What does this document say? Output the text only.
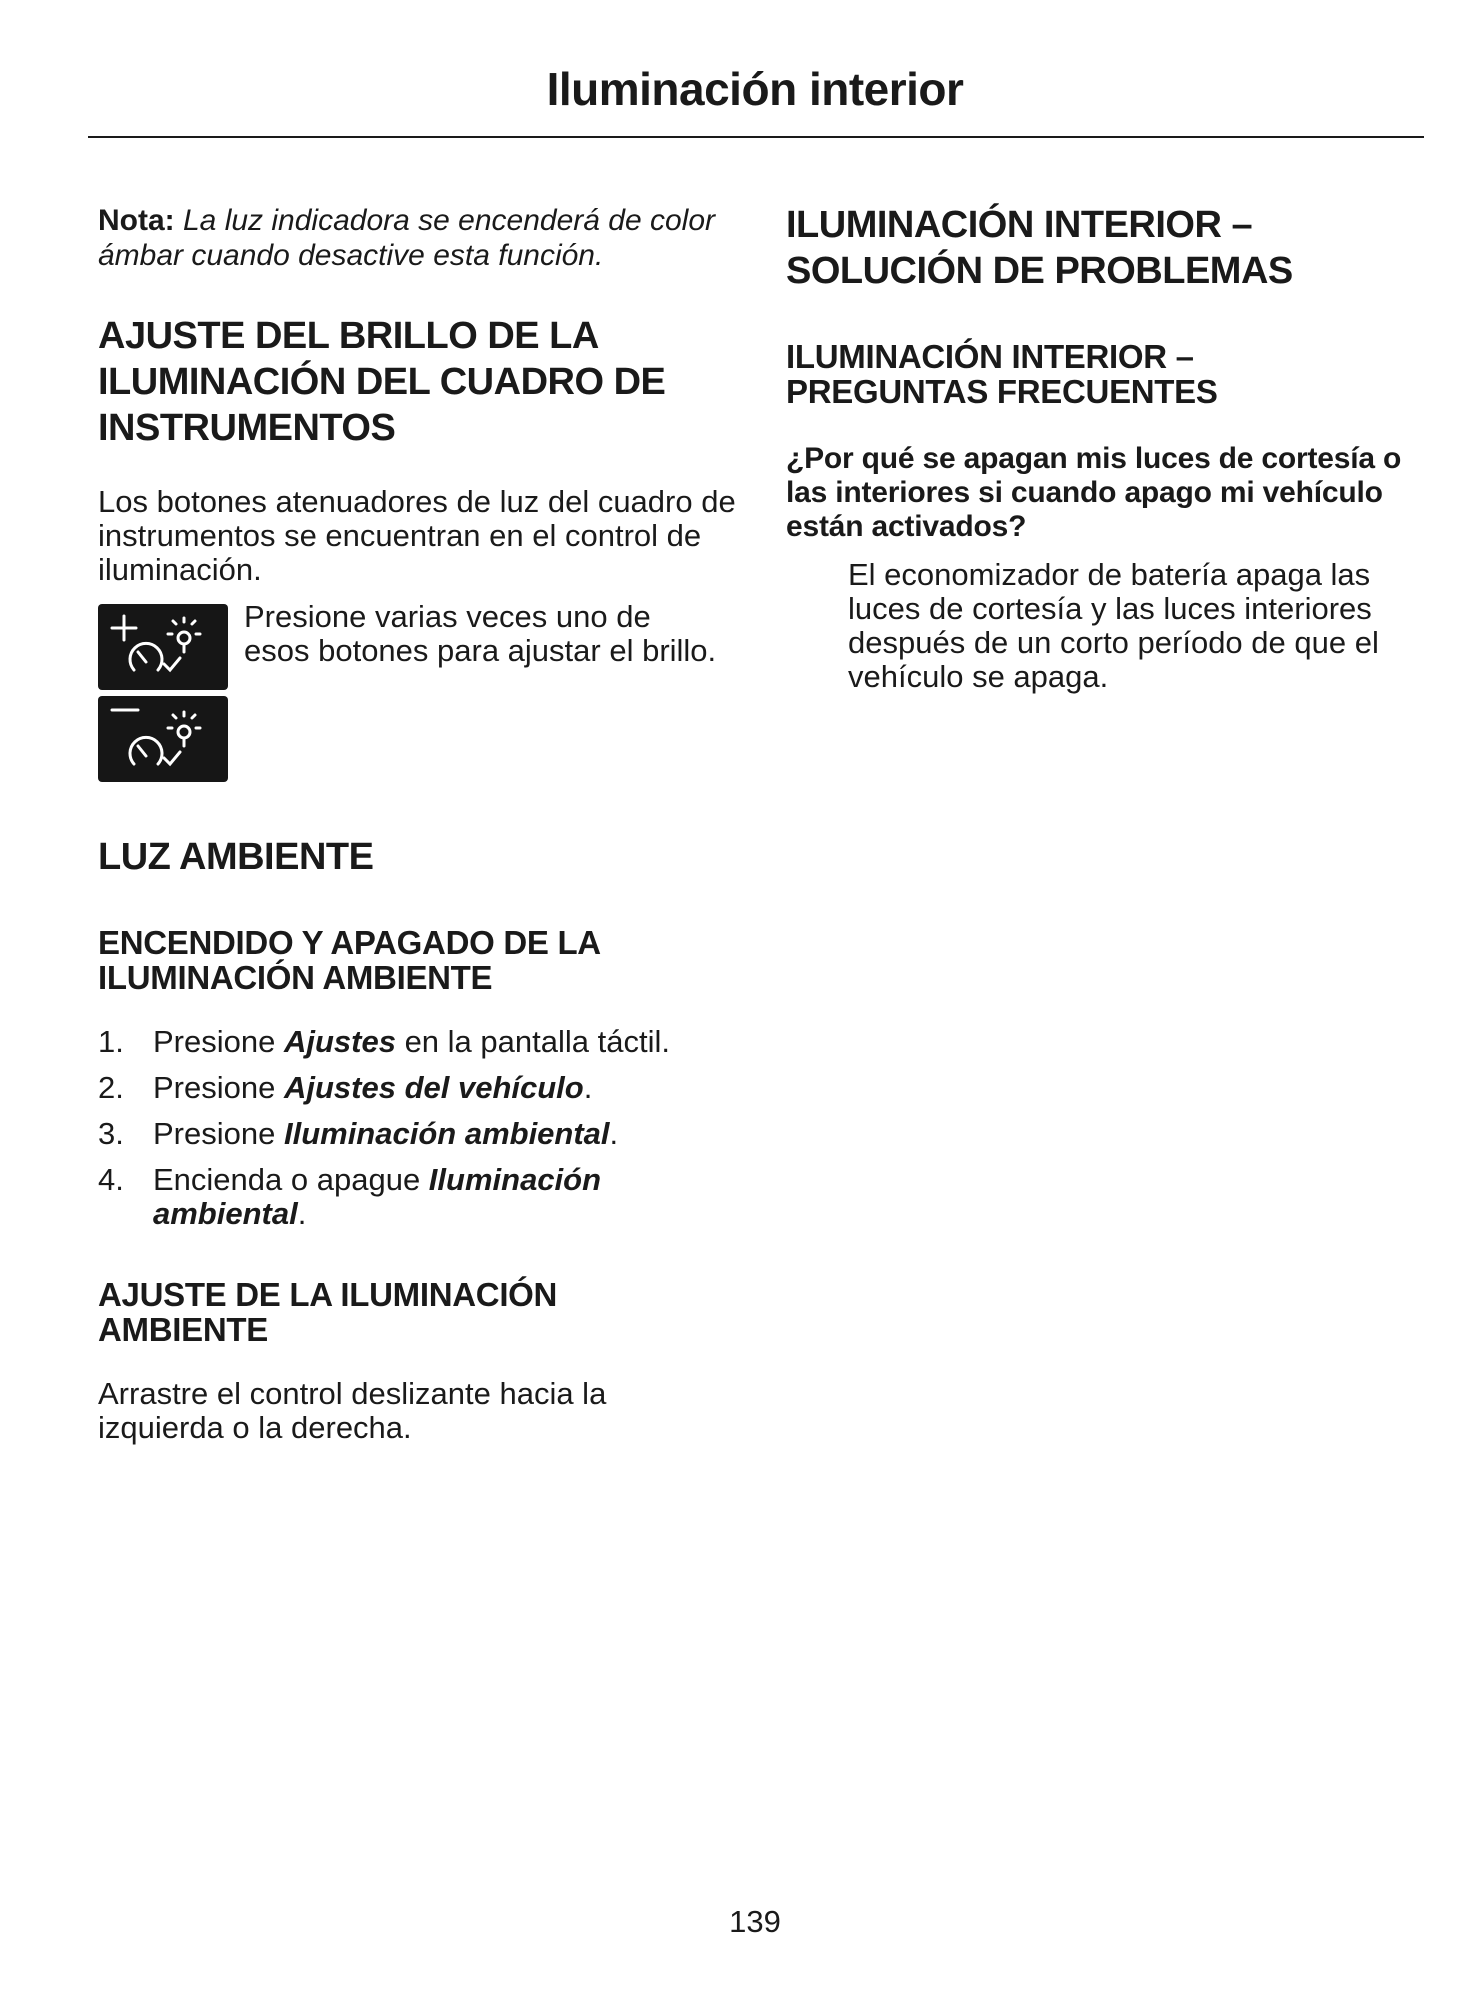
Iluminación interior

Nota: La luz indicadora se encenderá de color ámbar cuando desactive esta función.

AJUSTE DEL BRILLO DE LA ILUMINACIÓN DEL CUADRO DE INSTRUMENTOS

Los botones atenuadores de luz del cuadro de instrumentos se encuentran en el control de iluminación.

Presione varias veces uno de esos botones para ajustar el brillo.

LUZ AMBIENTE
ENCENDIDO Y APAGADO DE LA ILUMINACIÓN AMBIENTE
1. Presione Ajustes en la pantalla táctil.
2. Presione Ajustes del vehículo.
3. Presione Iluminación ambiental.
4. Encienda o apague Iluminación ambiental.
AJUSTE DE LA ILUMINACIÓN AMBIENTE

Arrastre el control deslizante hacia la izquierda o la derecha.

ILUMINACIÓN INTERIOR – SOLUCIÓN DE PROBLEMAS
ILUMINACIÓN INTERIOR – PREGUNTAS FRECUENTES

¿Por qué se apagan mis luces de cortesía o las interiores si cuando apago mi vehículo están activados?

El economizador de batería apaga las luces de cortesía y las luces interiores después de un corto período de que el vehículo se apaga.

139
